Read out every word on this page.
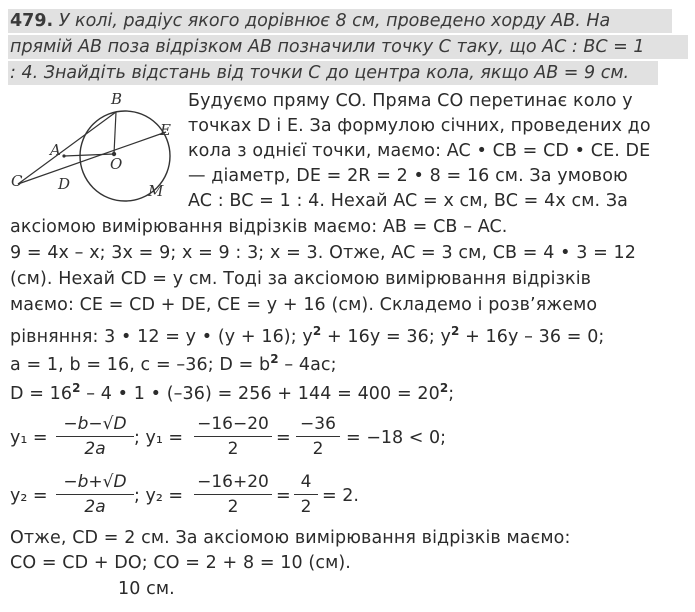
479. У колі, радіус якого дорівнює 8 см, проведено хорду AB. На
прямій AB поза відрізком AB позначили точку C таку, що AC : BC = 1
: 4. Знайдіть відстань від точки C до центра кола, якщо AB = 9 см.
B
E
A
O
C D	M
Будуємо пряму CO. Пряма CO перетинає коло у
точках D і E. За формулою січних, проведених до
кола з однієї точки, маємо: AC • CB = CD • CE. DE
— діаметр, DE = 2R = 2 • 8 = 16 см. За умовою
AC : BC = 1 : 4. Нехай AC = x см, BC = 4x см. За
аксіомою вимірювання відрізків маємо: AB = CB – AC.
9 = 4x – x; 3x = 9; x = 9 : 3; x = 3. Отже, AC = 3 см, CB = 4 • 3 = 12
(см). Нехай CD = y см. Тоді за аксіомою вимірювання відрізків
маємо: CE = CD + DE, CE = y + 16 (см). Складемо і розв’яжемо
рівняння: 3 • 12 = y • (y + 16); $y^2 + 16y = 36$; $y^2 + 16y - 36 = 0$;
a = 1, b = 16, c = –36; $D = b^2 - 4ac$;
$D = 16^2 - 4$ • 1 • $(-36) = 256 + 144 = 400 = 20^2$;
y₁ =
−b−√D
2a
; y₁ =
−16−20
2
=
−36
2
= −18 < 0;
y₂ =
−b+√D
2a
; y₂ =
−16+20
2
=
4
2
= 2.
Отже, CD = 2 см. За аксіомою вимірювання відрізків маємо:
CO = CD + DO; CO = 2 + 8 = 10 (см).
10 см.
